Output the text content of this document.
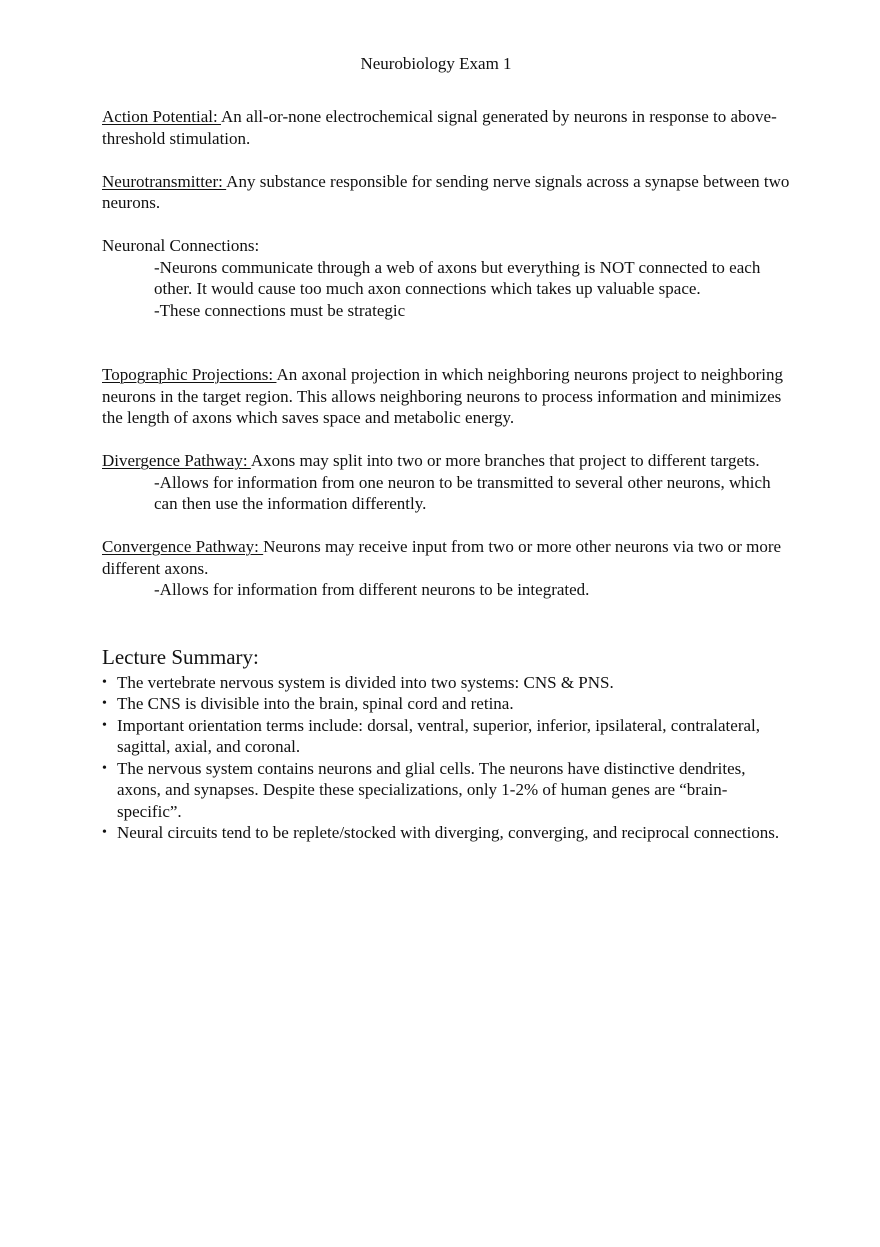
Neurobiology Exam 1

Action Potential: An all-or-none electrochemical signal generated by neurons in response to above-threshold stimulation.

Neurotransmitter: Any substance responsible for sending nerve signals across a synapse between two neurons.

Neuronal Connections:

-Neurons communicate through a web of axons but everything is NOT connected to each other. It would cause too much axon connections which takes up valuable space.

-These connections must be strategic

Topographic Projections: An axonal projection in which neighboring neurons project to neighboring neurons in the target region. This allows neighboring neurons to process information and minimizes the length of axons which saves space and metabolic energy.

Divergence Pathway: Axons may split into two or more branches that project to different targets.

-Allows for information from one neuron to be transmitted to several other neurons, which can then use the information differently.

Convergence Pathway: Neurons may receive input from two or more other neurons via two or more different axons.

-Allows for information from different neurons to be integrated.

Lecture Summary:

• The vertebrate nervous system is divided into two systems: CNS & PNS.
• The CNS is divisible into the brain, spinal cord and retina.
• Important orientation terms include: dorsal, ventral, superior, inferior, ipsilateral, contralateral, sagittal, axial, and coronal.
• The nervous system contains neurons and glial cells. The neurons have distinctive dendrites, axons, and synapses. Despite these specializations, only 1-2% of human genes are “brain-specific”.
• Neural circuits tend to be replete/stocked with diverging, converging, and reciprocal connections.
